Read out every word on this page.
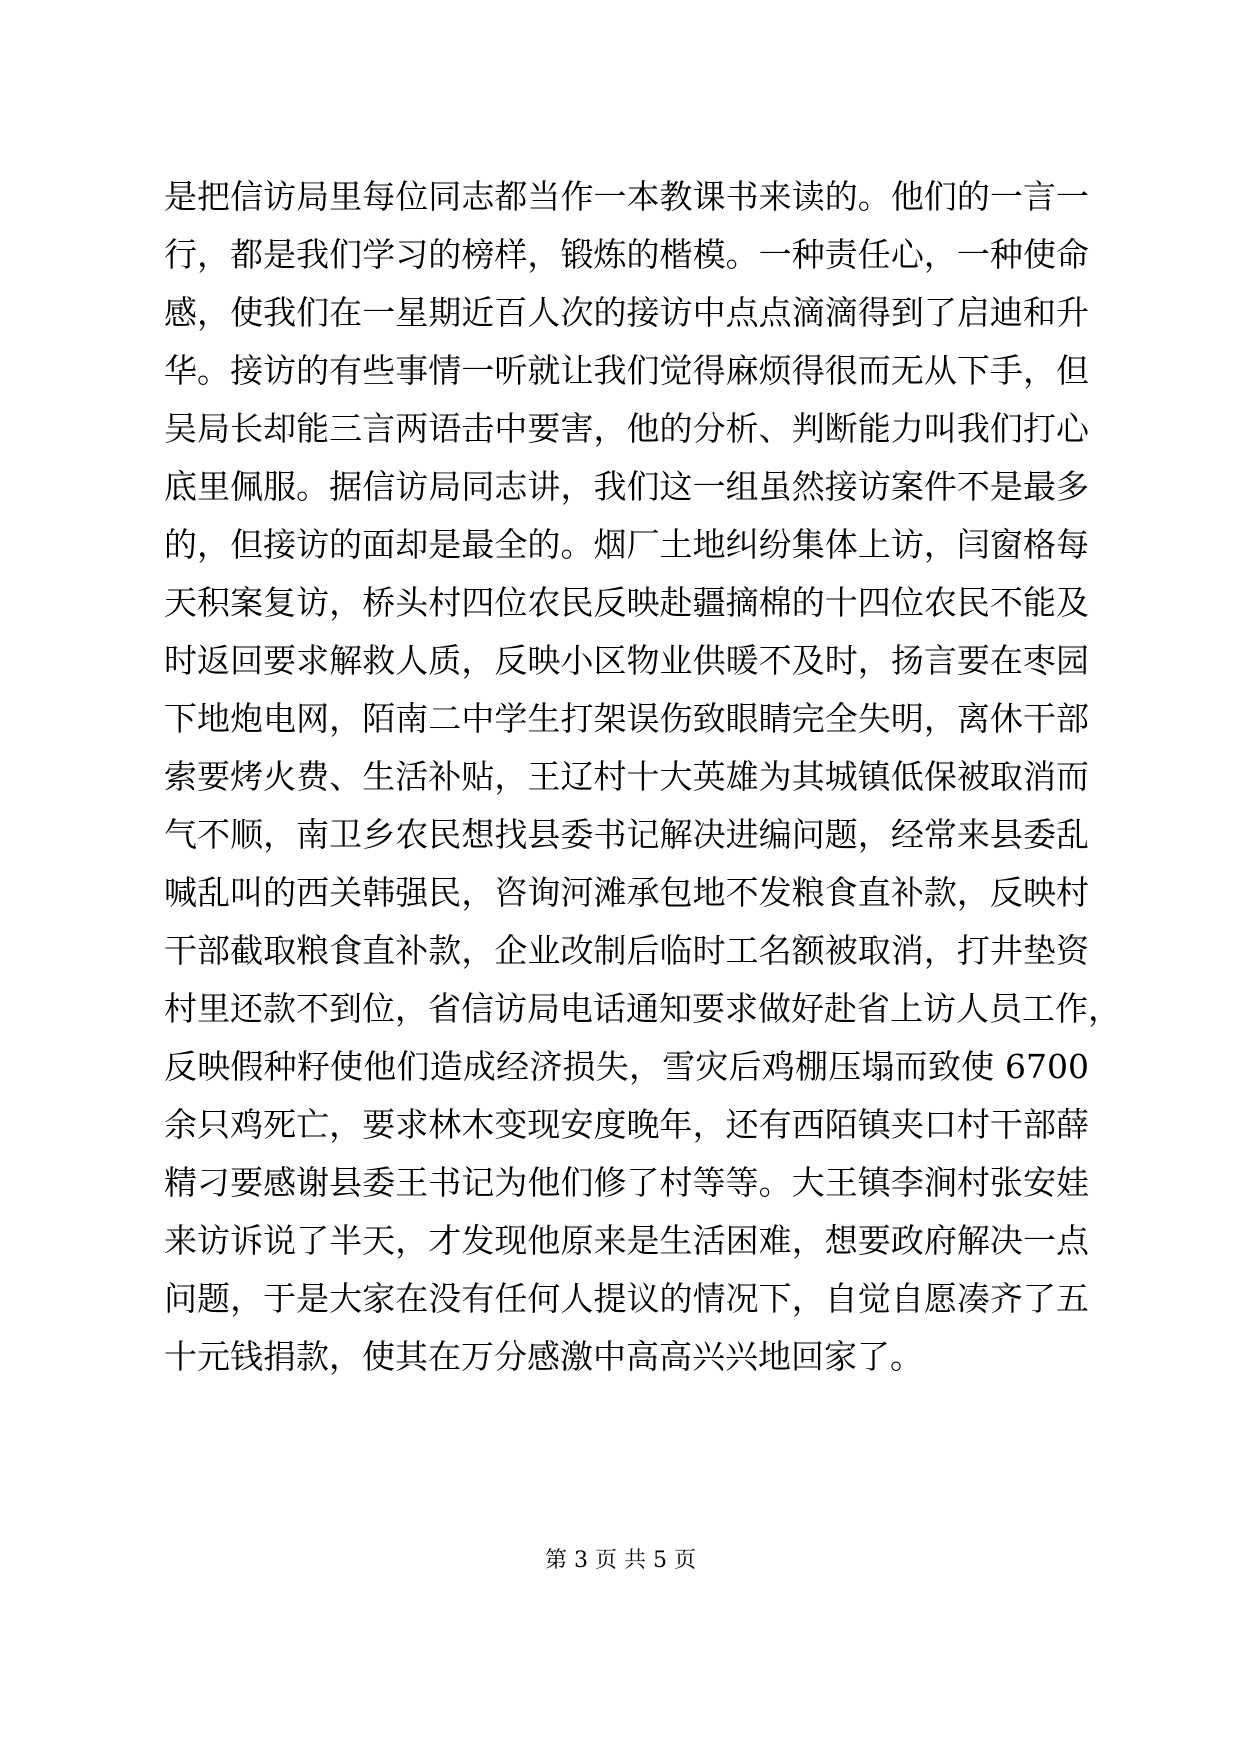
是把信访局里每位同志都当作一本教课书来读的。他们的一言一
行，都是我们学习的榜样，锻炼的楷模。一种责任心，一种使命
感，使我们在一星期近百人次的接访中点点滴滴得到了启迪和升
华。接访的有些事情一听就让我们觉得麻烦得很而无从下手，但
吴局长却能三言两语击中要害，他的分析、判断能力叫我们打心
底里佩服。据信访局同志讲，我们这一组虽然接访案件不是最多
的，但接访的面却是最全的。烟厂土地纠纷集体上访，闫窗格每
天积案复访，桥头村四位农民反映赴疆摘棉的十四位农民不能及
时返回要求解救人质，反映小区物业供暖不及时，扬言要在枣园
下地炮电网，陌南二中学生打架误伤致眼睛完全失明，离休干部
索要烤火费、生活补贴，王辽村十大英雄为其城镇低保被取消而
气不顺，南卫乡农民想找县委书记解决进编问题，经常来县委乱
喊乱叫的西关韩强民，咨询河滩承包地不发粮食直补款，反映村
干部截取粮食直补款，企业改制后临时工名额被取消，打井垫资
村里还款不到位，省信访局电话通知要求做好赴省上访人员工作，
反映假种籽使他们造成经济损失，雪灾后鸡棚压塌而致使 6700
余只鸡死亡，要求林木变现安度晚年，还有西陌镇夹口村干部薛
精刁要感谢县委王书记为他们修了村等等。大王镇李涧村张安娃
来访诉说了半天，才发现他原来是生活困难，想要政府解决一点
问题，于是大家在没有任何人提议的情况下，自觉自愿凑齐了五
十元钱捐款，使其在万分感激中高高兴兴地回家了。
第 3 页 共 5 页
